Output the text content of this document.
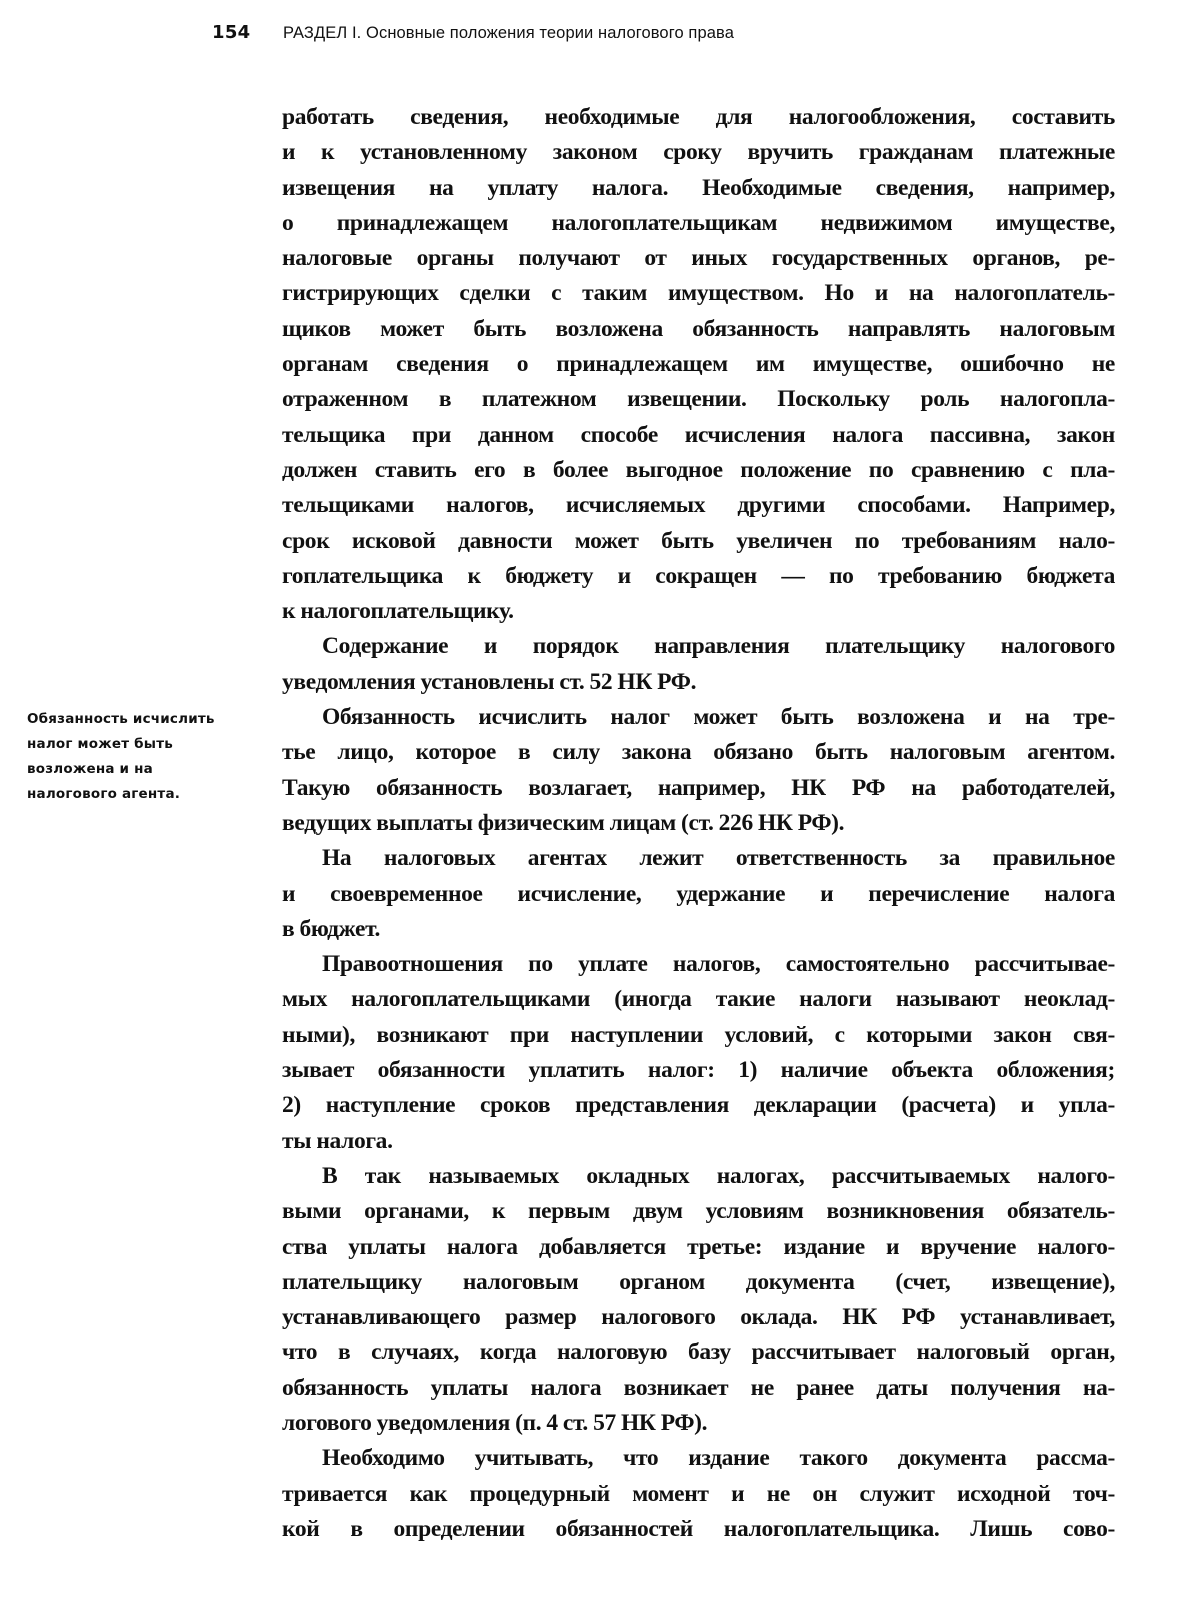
154 РАЗДЕЛ I. Основные положения теории налогового права
Обязанность исчислить
налог может быть
возложена и на
налогового агента.
работать сведения, необходимые для налогообложения, составить
и к установленному законом сроку вручить гражданам платежные
извещения на уплату налога. Необходимые сведения, например,
о принадлежащем налогоплательщикам недвижимом имуществе,
налоговые органы получают от иных государственных органов, ре-
гистрирующих сделки с таким имуществом. Но и на налогоплатель-
щиков может быть возложена обязанность направлять налоговым
органам сведения о принадлежащем им имуществе, ошибочно не
отраженном в платежном извещении. Поскольку роль налогопла-
тельщика при данном способе исчисления налога пассивна, закон
должен ставить его в более выгодное положение по сравнению с пла-
тельщиками налогов, исчисляемых другими способами. Например,
срок исковой давности может быть увеличен по требованиям нало-
гоплательщика к бюджету и сокращен — по требованию бюджета
к налогоплательщику.
Содержание и порядок направления плательщику налогового
уведомления установлены ст. 52 НК РФ.
Обязанность исчислить налог может быть возложена и на тре-
тье лицо, которое в силу закона обязано быть налоговым агентом.
Такую обязанность возлагает, например, НК РФ на работодателей,
ведущих выплаты физическим лицам (ст. 226 НК РФ).
На налоговых агентах лежит ответственность за правильное
и своевременное исчисление, удержание и перечисление налога
в бюджет.
Правоотношения по уплате налогов, самостоятельно рассчитывае-
мых налогоплательщиками (иногда такие налоги называют неоклад-
ными), возникают при наступлении условий, с которыми закон свя-
зывает обязанности уплатить налог: 1) наличие объекта обложения;
2) наступление сроков представления декларации (расчета) и упла-
ты налога.
В так называемых окладных налогах, рассчитываемых налого-
выми органами, к первым двум условиям возникновения обязатель-
ства уплаты налога добавляется третье: издание и вручение налого-
плательщику налоговым органом документа (счет, извещение),
устанавливающего размер налогового оклада. НК РФ устанавливает,
что в случаях, когда налоговую базу рассчитывает налоговый орган,
обязанность уплаты налога возникает не ранее даты получения на-
логового уведомления (п. 4 ст. 57 НК РФ).
Необходимо учитывать, что издание такого документа рассма-
тривается как процедурный момент и не он служит исходной точ-
кой в определении обязанностей налогоплательщика. Лишь сово-
